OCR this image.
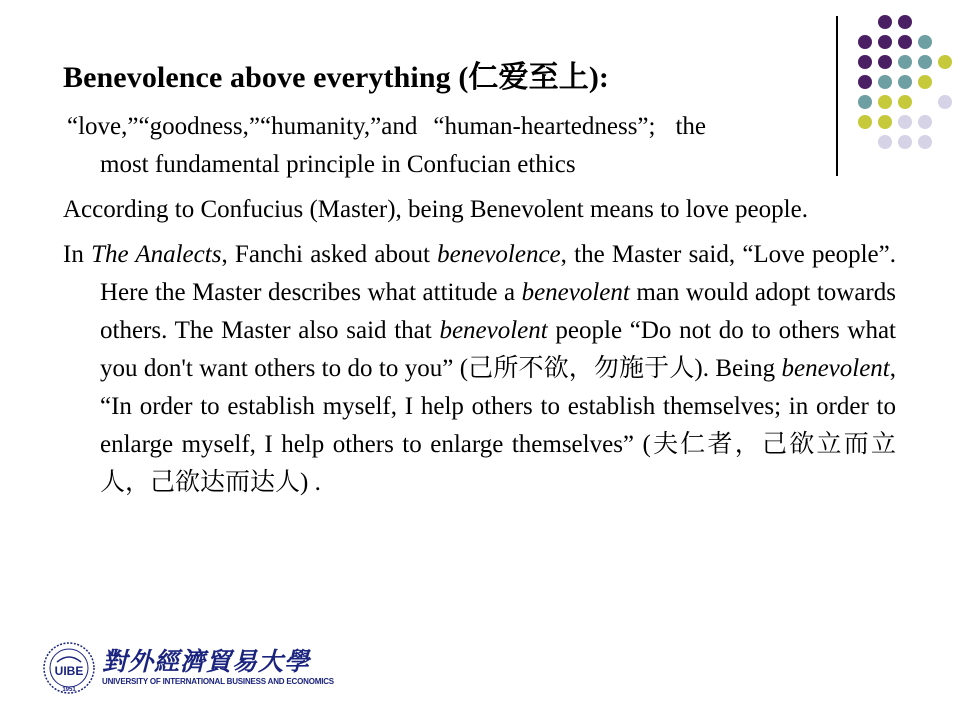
Benevolence above everything (仁爱至上):

“love,”“goodness,”“humanity,”and “human-heartedness”; the
most fundamental principle in Confucian ethics

According to Confucius (Master), being Benevolent means to love people.

In The Analects, Fanchi asked about benevolence, the Master said, “Love people”. Here the Master describes what attitude a benevolent man would adopt towards others. The Master also said that benevolent people “Do not do to others what you don't want others to do to you” (己所不欲，勿施于人). Being benevolent, “In order to establish myself, I help others to establish themselves; in order to enlarge myself, I help others to enlarge themselves” (夫仁者，己欲立而立人，己欲达而达人) .

UIBE
1951
對外經濟貿易大學
UNIVERSITY OF INTERNATIONAL BUSINESS AND ECONOMICS
